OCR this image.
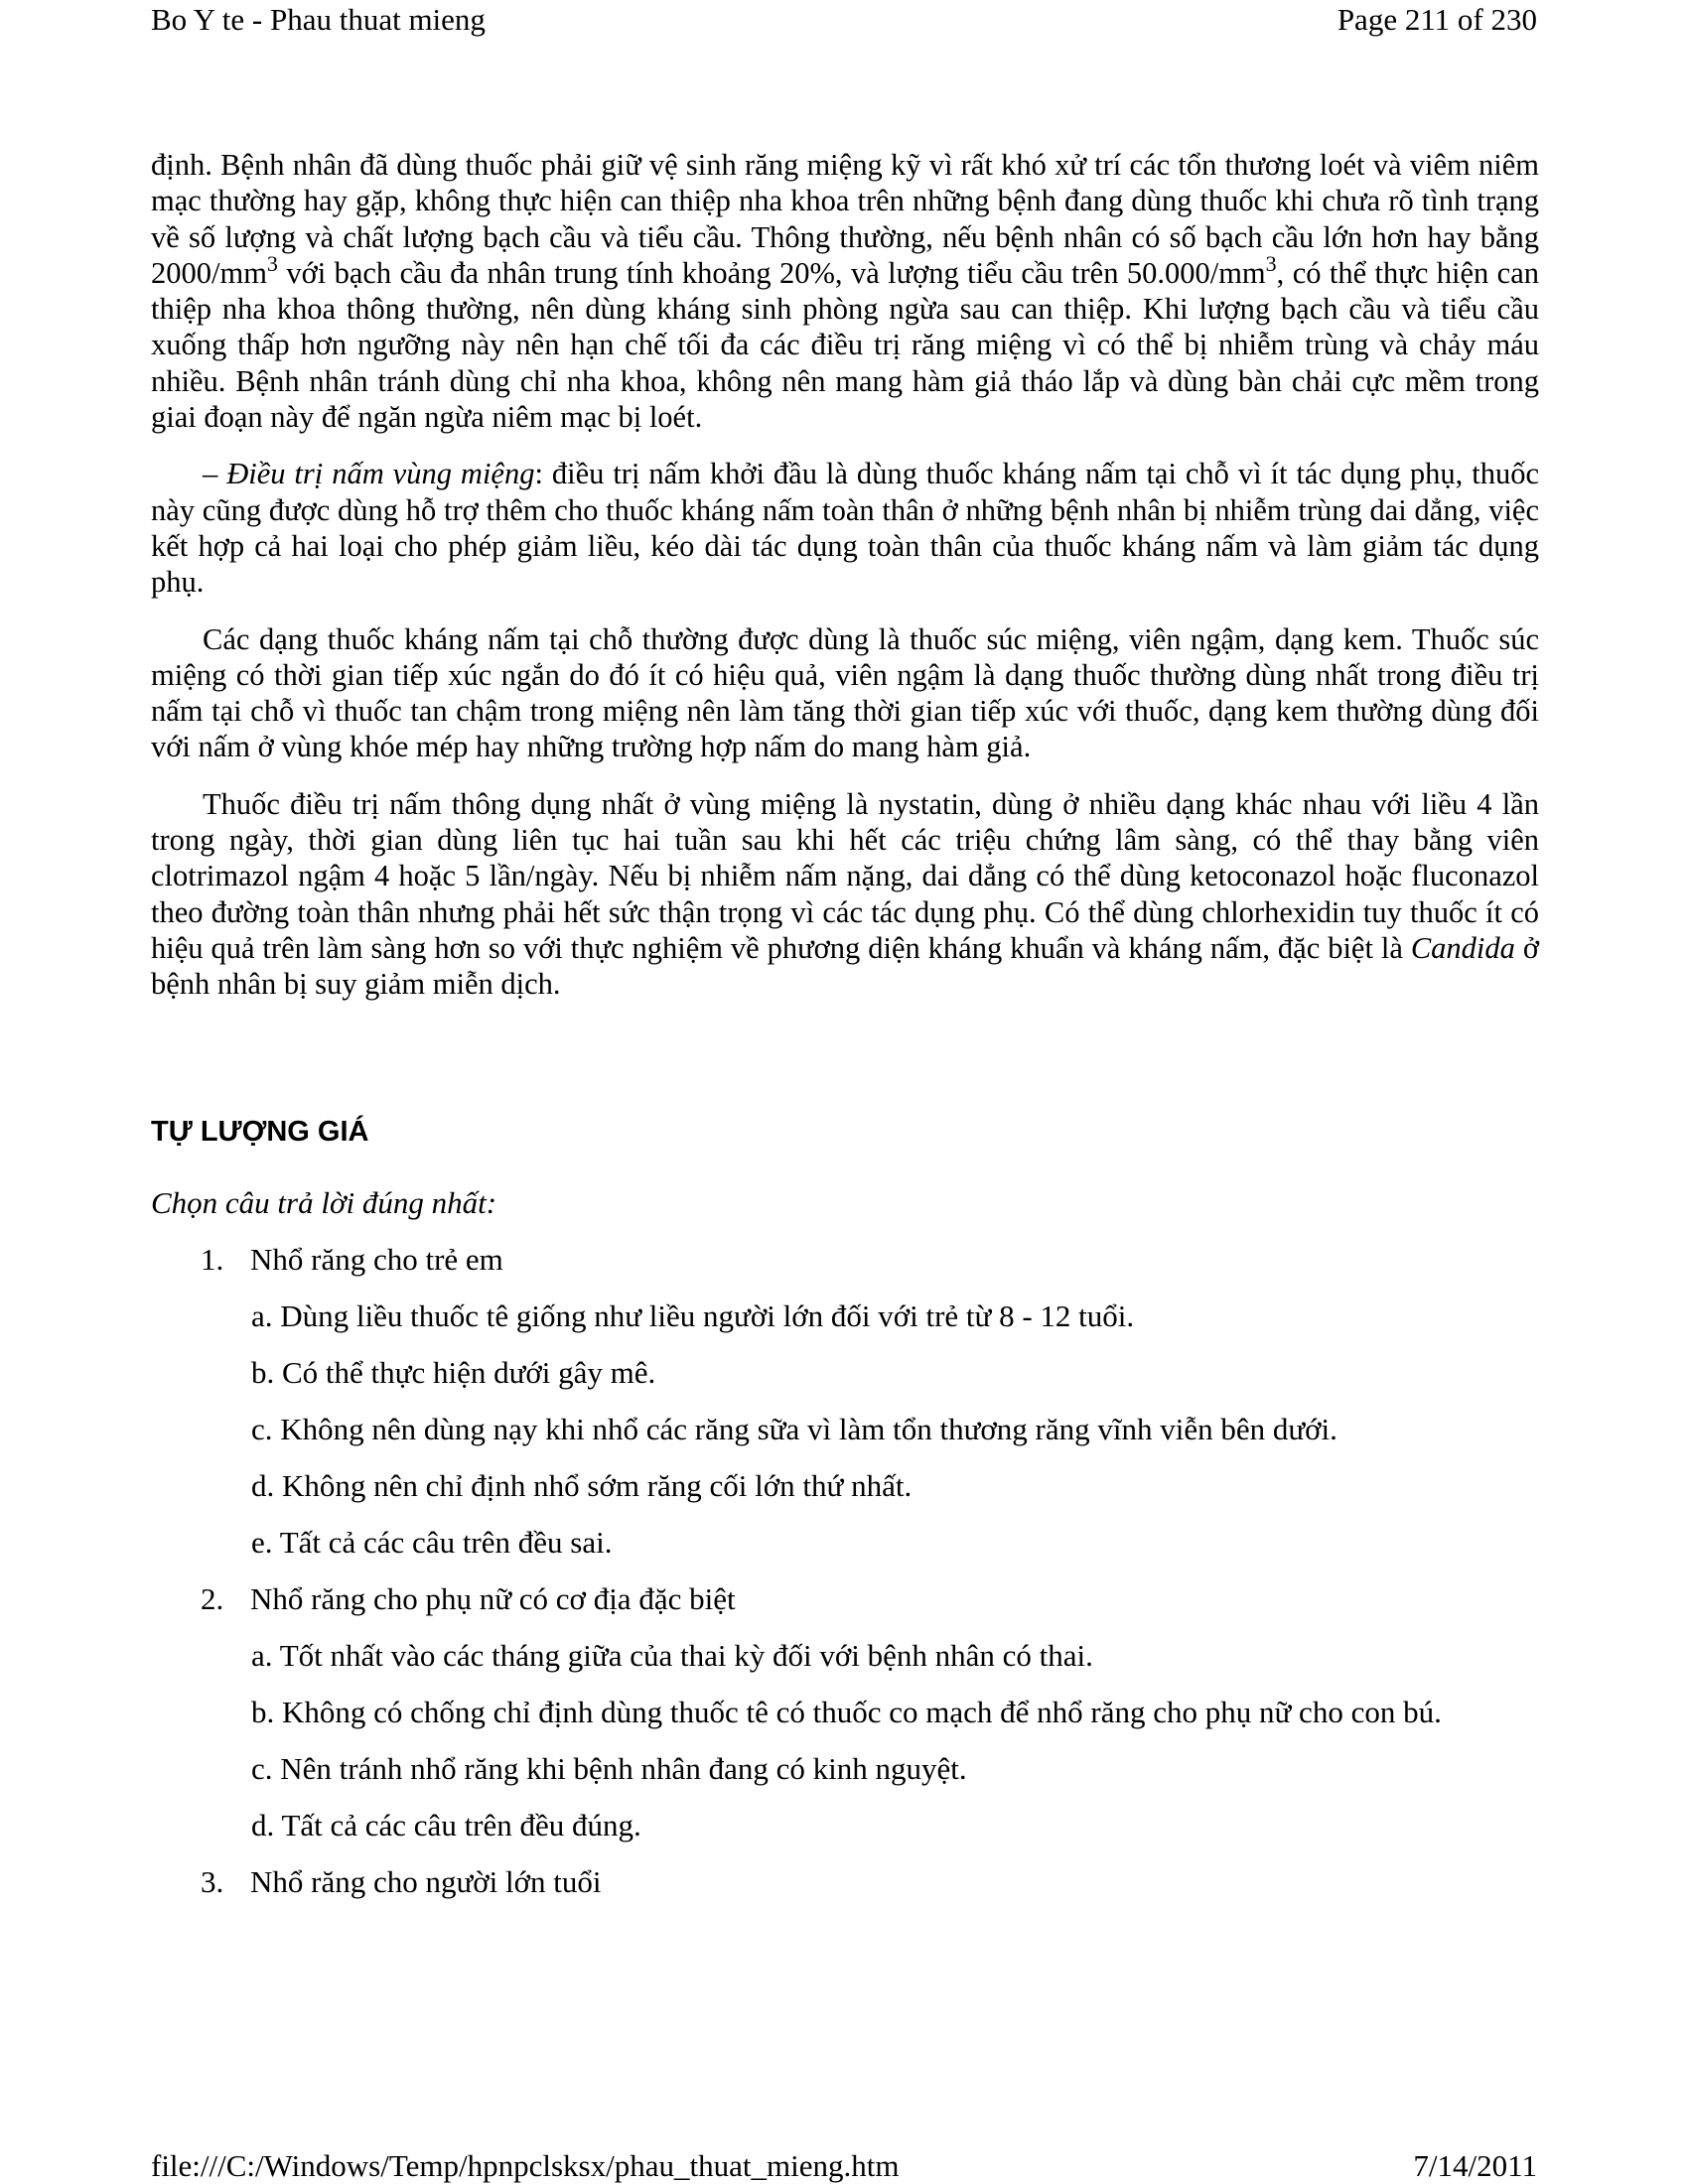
Bo Y te - Phau thuat mieng	Page 211 of 230

định. Bệnh nhân đã dùng thuốc phải giữ vệ sinh răng miệng kỹ vì rất khó xử trí các tổn thương loét và viêm niêm mạc thường hay gặp, không thực hiện can thiệp nha khoa trên những bệnh đang dùng thuốc khi chưa rõ tình trạng về số lượng và chất lượng bạch cầu và tiểu cầu. Thông thường, nếu bệnh nhân có số bạch cầu lớn hơn hay bằng $2000/mm^3$ với bạch cầu đa nhân trung tính khoảng 20%, và lượng tiểu cầu trên $50.000/mm^3$, có thể thực hiện can thiệp nha khoa thông thường, nên dùng kháng sinh phòng ngừa sau can thiệp. Khi lượng bạch cầu và tiểu cầu xuống thấp hơn ngưỡng này nên hạn chế tối đa các điều trị răng miệng vì có thể bị nhiễm trùng và chảy máu nhiều. Bệnh nhân tránh dùng chỉ nha khoa, không nên mang hàm giả tháo lắp và dùng bàn chải cực mềm trong giai đoạn này để ngăn ngừa niêm mạc bị loét.

– Điều trị nấm vùng miệng: điều trị nấm khởi đầu là dùng thuốc kháng nấm tại chỗ vì ít tác dụng phụ, thuốc này cũng được dùng hỗ trợ thêm cho thuốc kháng nấm toàn thân ở những bệnh nhân bị nhiễm trùng dai dẳng, việc kết hợp cả hai loại cho phép giảm liều, kéo dài tác dụng toàn thân của thuốc kháng nấm và làm giảm tác dụng phụ.

Các dạng thuốc kháng nấm tại chỗ thường được dùng là thuốc súc miệng, viên ngậm, dạng kem. Thuốc súc miệng có thời gian tiếp xúc ngắn do đó ít có hiệu quả, viên ngậm là dạng thuốc thường dùng nhất trong điều trị nấm tại chỗ vì thuốc tan chậm trong miệng nên làm tăng thời gian tiếp xúc với thuốc, dạng kem thường dùng đối với nấm ở vùng khóe mép hay những trường hợp nấm do mang hàm giả.

Thuốc điều trị nấm thông dụng nhất ở vùng miệng là nystatin, dùng ở nhiều dạng khác nhau với liều 4 lần trong ngày, thời gian dùng liên tục hai tuần sau khi hết các triệu chứng lâm sàng, có thể thay bằng viên clotrimazol ngậm 4 hoặc 5 lần/ngày. Nếu bị nhiễm nấm nặng, dai dẳng có thể dùng ketoconazol hoặc fluconazol theo đường toàn thân nhưng phải hết sức thận trọng vì các tác dụng phụ. Có thể dùng chlorhexidin tuy thuốc ít có hiệu quả trên làm sàng hơn so với thực nghiệm về phương diện kháng khuẩn và kháng nấm, đặc biệt là Candida ở bệnh nhân bị suy giảm miễn dịch.

TỰ LƯỢNG GIÁ
Chọn câu trả lời đúng nhất:
1. Nhổ răng cho trẻ em
a. Dùng liều thuốc tê giống như liều người lớn đối với trẻ từ 8 - 12 tuổi.
b. Có thể thực hiện dưới gây mê.
c. Không nên dùng nạy khi nhổ các răng sữa vì làm tổn thương răng vĩnh viễn bên dưới.
d. Không nên chỉ định nhổ sớm răng cối lớn thứ nhất.
e. Tất cả các câu trên đều sai.
2. Nhổ răng cho phụ nữ có cơ địa đặc biệt
a. Tốt nhất vào các tháng giữa của thai kỳ đối với bệnh nhân có thai.
b. Không có chống chỉ định dùng thuốc tê có thuốc co mạch để nhổ răng cho phụ nữ cho con bú.
c. Nên tránh nhổ răng khi bệnh nhân đang có kinh nguyệt.
d. Tất cả các câu trên đều đúng.
3. Nhổ răng cho người lớn tuổi
file:///C:/Windows/Temp/hpnpclsksx/phau_thuat_mieng.htm	7/14/2011
